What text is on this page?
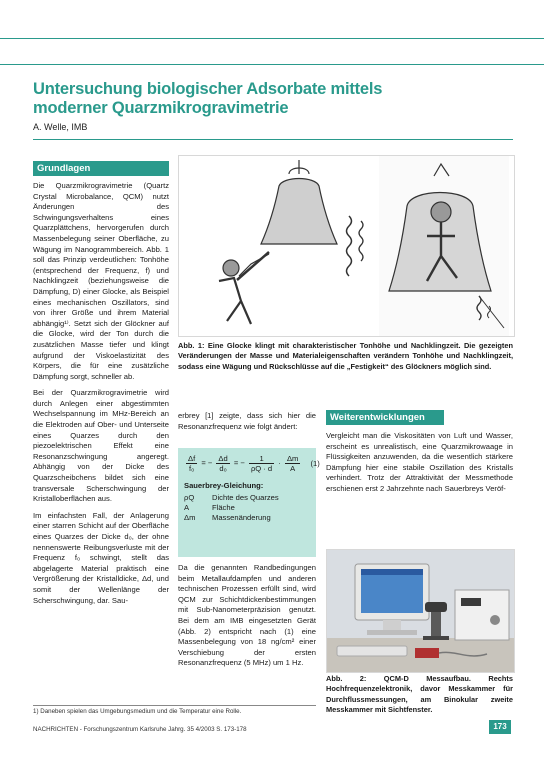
Untersuchung biologischer Adsorbate mittels
moderner Quarzmikrogravimetrie
A. Welle, IMB
Grundlagen

Die Quarzmikrogravimetrie (Quartz Crystal Microbalance, QCM) nutzt Änderungen des Schwingungsverhaltens eines Quarzplättchens, hervorgerufen durch Massenbelegung seiner Oberfläche, zu Wägung im Nanogrammbereich. Abb. 1 soll das Prinzip verdeutlichen: Tonhöhe (entsprechend der Frequenz, f) und Nachklingzeit (beziehungsweise die Dämpfung, D) einer Glocke, als Beispiel eines mechanischen Oszillators, sind von ihrer Größe und ihrem Material abhängig¹⁾. Setzt sich der Glöckner auf die Glocke, wird der Ton durch die zusätzlichen Masse tiefer und klingt aufgrund der Viskoelastizität des Körpers, die für eine zusätzliche Dämpfung sorgt, schneller ab.

Bei der Quarzmikrogravimetrie wird durch Anlegen einer abgestimmten Wechselspannung im MHz-Bereich an die Elektroden auf Ober- und Unterseite eines Quarzes durch den piezoelektrischen Effekt eine Resonanzschwingung angeregt. Abhängig von der Dicke des Quarzscheibchens bildet sich eine transversale Scherschwingung der Kristalloberflächen aus.

Im einfachsten Fall, der Anlagerung einer starren Schicht auf der Oberfläche eines Quarzes der Dicke d₀, der ohne nennenswerte Reibungsverluste mit der Frequenz f₀ schwingt, stellt das abgelagerte Material praktisch eine Vergrößerung der Kristalldicke, Δd, und somit der Wellenlänge der Scherschwingung, dar. Sau-

Abb. 1: Eine Glocke klingt mit charakteristischer Tonhöhe und Nachklingzeit. Die gezeigten Veränderungen der Masse und Materialeigenschaften verändern Tonhöhe und Nachklingzeit, sodass eine Wägung und Rückschlüsse auf die „Festigkeit“ des Glöckners möglich sind.

erbrey [1] zeigte, dass sich hier die Resonanzfrequenz wie folgt ändert:

$\frac{\Delta f}{\text{f₀}}$ = − $\frac{\Delta d}{\text{d₀}}$ = − $\frac{1}{\rho Q \cdot d} \cdot \frac{\Delta m}{A} (1)$
Sauerbrey-Gleichung:
ρQ	Dichte des Quarzes
A	Fläche
Δm	Massenänderung

Da die genannten Randbedingungen beim Metallaufdampfen und anderen technischen Prozessen erfüllt sind, wird QCM zur Schichtdickenbestimmungen mit Sub-Nanometerpräzision genutzt. Bei dem am IMB eingesetzten Gerät (Abb. 2) entspricht nach (1) eine Massenbelegung von 18 ng/cm² einer Verschiebung der ersten Resonanzfrequenz (5 MHz) um 1 Hz.

Weiterentwicklungen

Vergleicht man die Viskositäten von Luft und Wasser, erscheint es unrealistisch, eine Quarzmikrowaage in Flüssigkeiten anzuwenden, da die wesentlich stärkere Dämpfung hier eine stabile Oszillation des Kristalls verhindert. Trotz der Attraktivität der Messmethode erschienen erst 2 Jahrzehnte nach Sauerbreys Veröf-

Abb. 2: QCM-D Messaufbau. Rechts Hochfrequenzelektronik, davor Messkammer für Durchflussmessungen, am Binokular zweite Messkammer mit Sichtfenster.
1) Daneben spielen das Umgebungsmedium und die Temperatur eine Rolle.
NACHRICHTEN - Forschungszentrum Karlsruhe Jahrg. 35 4/2003 S. 173-178	173
